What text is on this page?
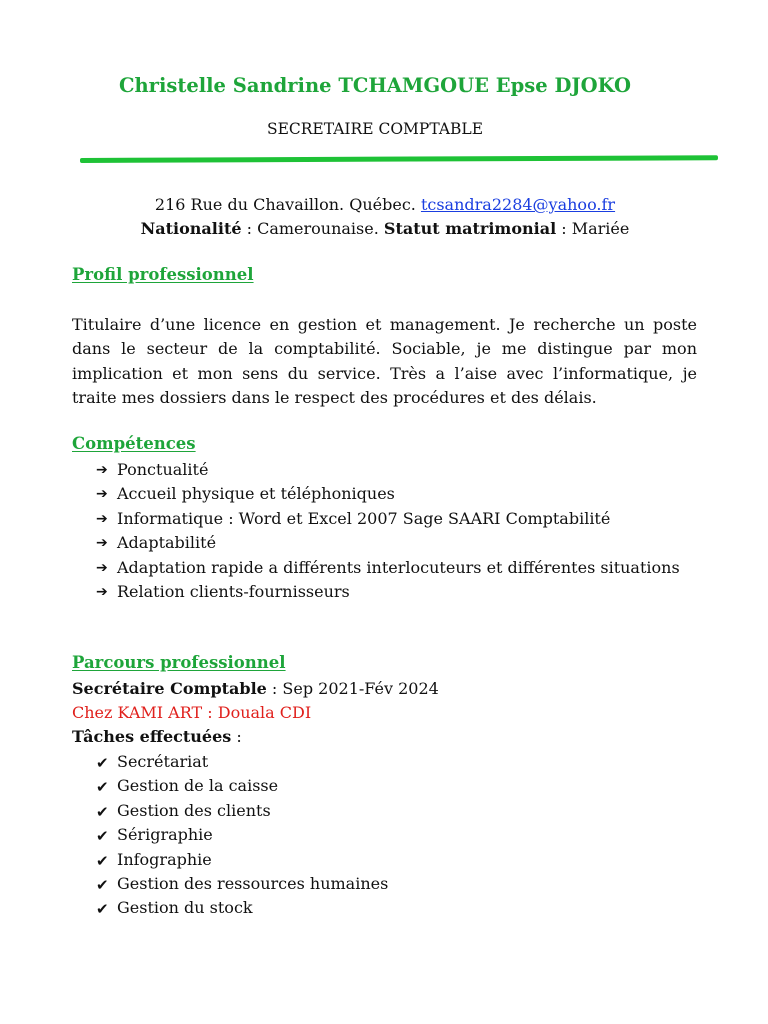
Christelle Sandrine TCHAMGOUE Epse DJOKO
SECRETAIRE COMPTABLE
216 Rue du Chavaillon. Québec. tcsandra2284@yahoo.fr
Nationalité : Camerounaise. Statut matrimonial : Mariée
Profil professionnel
Titulaire d’une licence en gestion et management. Je recherche un poste dans le secteur de la comptabilité. Sociable, je me distingue par mon implication et mon sens du service. Très a l’aise avec l’informatique, je traite mes dossiers dans le respect des procédures et des délais.
Compétences
➔ Ponctualité
➔ Accueil physique et téléphoniques
➔ Informatique : Word et Excel 2007 Sage SAARI Comptabilité
➔ Adaptabilité
➔ Adaptation rapide a différents interlocuteurs et différentes situations
➔ Relation clients-fournisseurs
Parcours professionnel
Secrétaire Comptable : Sep 2021-Fév 2024
Chez KAMI ART : Douala CDI
Tâches effectuées :
✔ Secrétariat
✔ Gestion de la caisse
✔ Gestion des clients
✔ Sérigraphie
✔ Infographie
✔ Gestion des ressources humaines
✔ Gestion du stock
